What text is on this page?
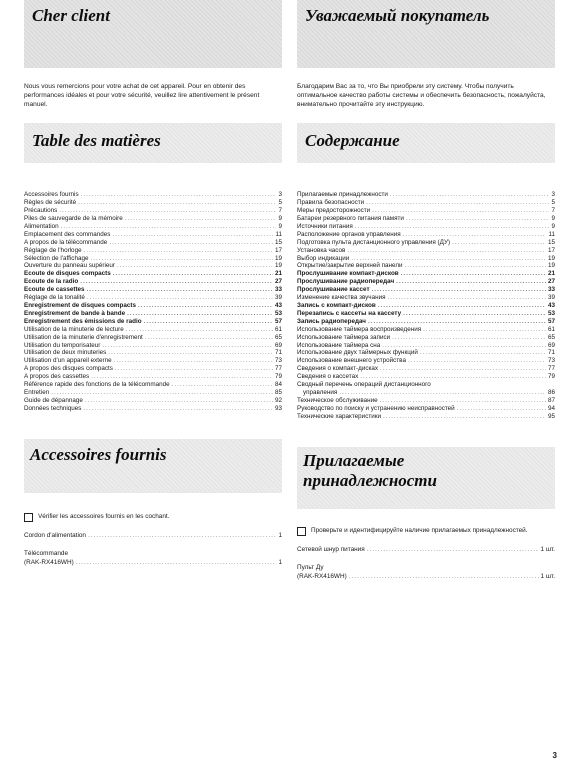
Cher client

Nous vous remercions pour votre achat de cet appareil. Pour en obtenir des performances idéales et pour votre sécurité, veuillez lire attentivement le présent manuel.

Table des matières
Accessoires fournis .....	3
Règles de sécurité .....	5
Précautions .....	7
Piles de sauvegarde de la mémoire .....	9
Alimentation .....	9
Emplacement des commandes .....	11
A propos de la télécommande .....	15
Réglage de l'horloge .....	17
Sélection de l'affichage .....	19
Ouverture du panneau supérieur .....	19
Ecoute de disques compacts .....	21
Ecoute de la radio .....	27
Ecoute de cassettes .....	33
Réglage de la tonalité .....	39
Enregistrement de disques compacts .....	43
Enregistrement de bande à bande .....	53
Enregistrement des émissions de radio .....	57
Utilisation de la minuterie de lecture .....	61
Utilisation de la minuterie d'enregistrement .....	65
Utilisation du temporisateur .....	69
Utilisation de deux minuteries .....	71
Utilisation d'un appareil externe .....	73
A propos des disques compacts .....	77
A propos des cassettes .....	79
Référence rapide des fonctions de la télécommande .....	84
Entretien .....	85
Guide de dépannage .....	92
Données techniques .....	93
Accessoires fournis
Vérifier les accessoires fournis en les cochant.
Cordon d'alimentation .....	1
Télécommande
(RAK-RX416WH) .....	1
Уважаемый покупатель

Благодарим Вас за то, что Вы приобрели эту систему. Чтобы получить оптимальное качество работы системы и обеспечить безопасность, пожалуйста, внимательно прочитайте эту инструкцию.

Содержание
Прилагаемые принадлежности .....	3
Правила безопасности .....	5
Меры предосторожности .....	7
Батареи резервного питания памяти .....	9
Источники питания .....	9
Расположение органов управления .....	11
Подготовка пульта дистанционного управления (ДУ) .....	15
Установка часов .....	17
Выбор индикации .....	19
Открытие/закрытие верхней панели .....	19
Прослушивание компакт-дисков .....	21
Прослушивание радиопередач .....	27
Прослушивание кассет .....	33
Изменение качества звучания .....	39
Запись с компакт-дисков .....	43
Перезапись с кассеты на кассету .....	53
Запись радиопередач .....	57
Использование таймера воспроизведения .....	61
Использование таймера записи .....	65
Использование таймера сна .....	69
Использование двух таймерных функций .....	71
Использование внешнего устройства .....	73
Сведения о компакт-дисках .....	77
Сведения о кассетах .....	79
Сводный перечень операций дистанционного
управления .....	86
Техническое обслуживание .....	87
Руководство по поиску и устранению неисправностей .....	94
Технические характеристики .....	95
Прилагаемые
принадлежности
Проверьте и идентифицируйте наличие прилагаемых принадлежностей.
Сетевой шнур питания .....	1 шт.
Пульт Ду
(RAK-RX416WH) .....	1 шт.
3
